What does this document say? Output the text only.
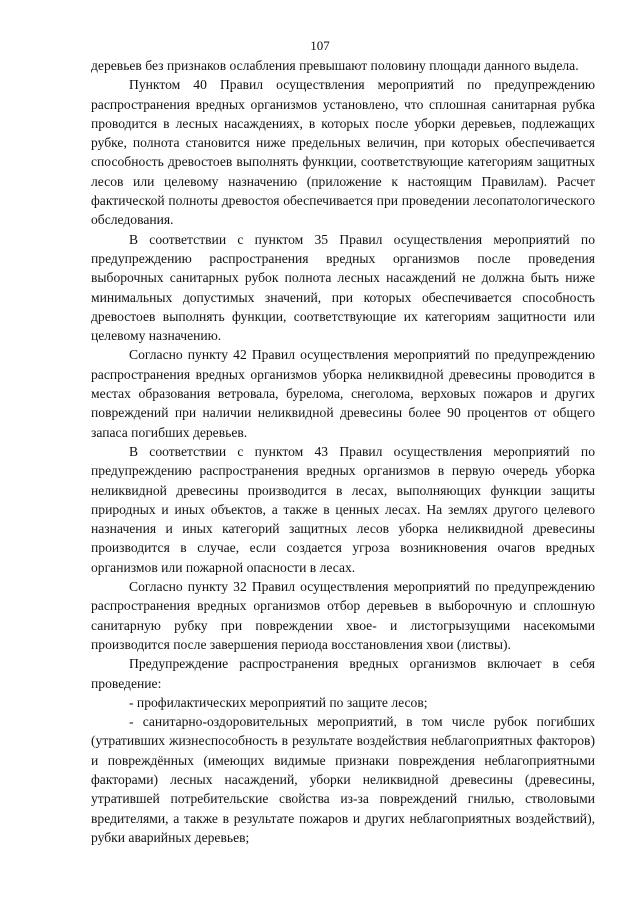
107

деревьев без признаков ослабления превышают половину площади данного выдела.

Пунктом 40 Правил осуществления мероприятий по предупреждению распространения вредных организмов установлено, что сплошная санитарная рубка проводится в лесных насаждениях, в которых после уборки деревьев, подлежащих рубке, полнота становится ниже предельных величин, при которых обеспечивается способность древостоев выполнять функции, соответствующие категориям защитных лесов или целевому назначению (приложение к настоящим Правилам). Расчет фактической полноты древостоя обеспечивается при проведении лесопатологического обследования.

В соответствии с пунктом 35 Правил осуществления мероприятий по предупреждению распространения вредных организмов после проведения выборочных санитарных рубок полнота лесных насаждений не должна быть ниже минимальных допустимых значений, при которых обеспечивается способность древостоев выполнять функции, соответствующие их категориям защитности или целевому назначению.

Согласно пункту 42 Правил осуществления мероприятий по предупреждению распространения вредных организмов уборка неликвидной древесины проводится в местах образования ветровала, бурелома, снеголома, верховых пожаров и других повреждений при наличии неликвидной древесины более 90 процентов от общего запаса погибших деревьев.

В соответствии с пунктом 43 Правил осуществления мероприятий по предупреждению распространения вредных организмов в первую очередь уборка неликвидной древесины производится в лесах, выполняющих функции защиты природных и иных объектов, а также в ценных лесах. На землях другого целевого назначения и иных категорий защитных лесов уборка неликвидной древесины производится в случае, если создается угроза возникновения очагов вредных организмов или пожарной опасности в лесах.

Согласно пункту 32 Правил осуществления мероприятий по предупреждению распространения вредных организмов отбор деревьев в выборочную и сплошную санитарную рубку при повреждении хвое- и листогрызущими насекомыми производится после завершения периода восстановления хвои (листвы).

Предупреждение распространения вредных организмов включает в себя проведение:

- профилактических мероприятий по защите лесов;

- санитарно-оздоровительных мероприятий, в том числе рубок погибших (утративших жизнеспособность в результате воздействия неблагоприятных факторов) и повреждённых (имеющих видимые признаки повреждения неблагоприятными факторами) лесных насаждений, уборки неликвидной древесины (древесины, утратившей потребительские свойства из-за повреждений гнилью, стволовыми вредителями, а также в результате пожаров и других неблагоприятных воздействий), рубки аварийных деревьев;
